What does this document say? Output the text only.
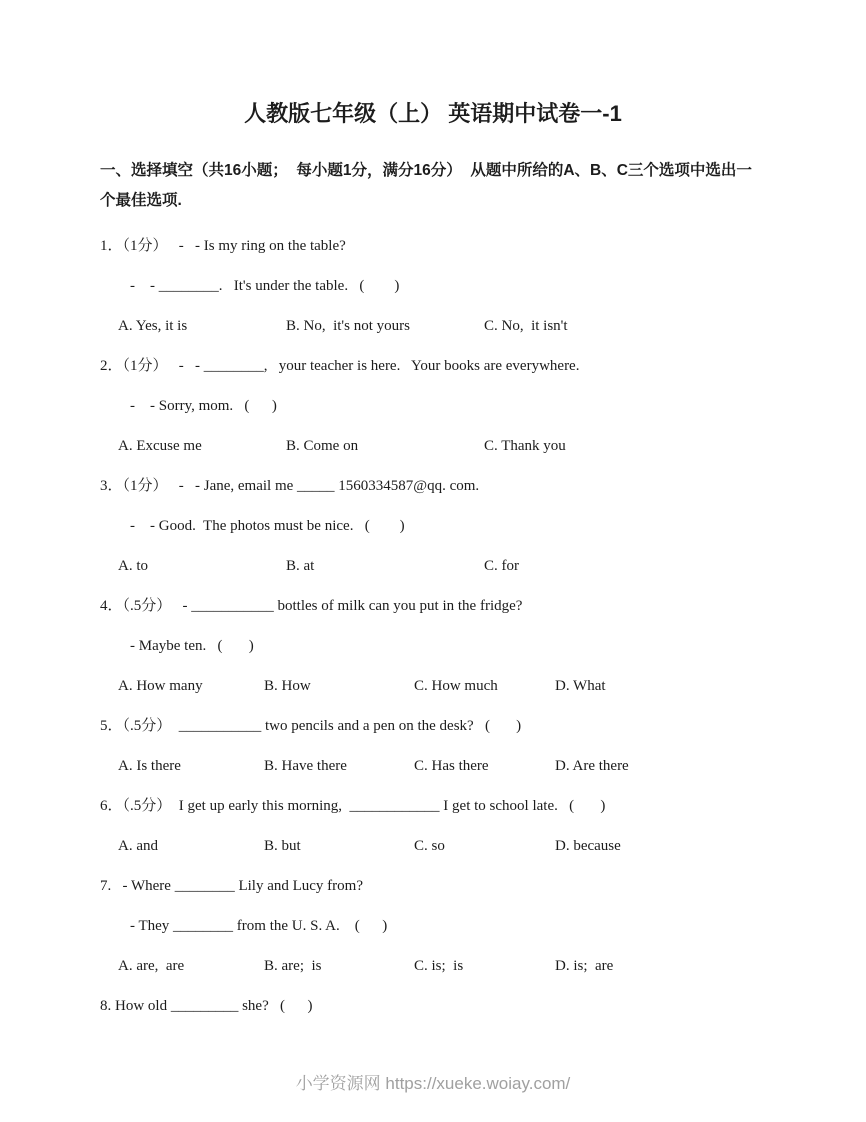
人教版七年级（上） 英语期中试卷一-1

一、选择填空（共16小题；  每小题1分，满分16分）  从题中所给的A、B、C三个选项中选出一个最佳选项.

1．（1分）   -   - Is my ring on the table?
-    - ________.   It's under the table.   (        )
A. Yes, it is	B. No,  it's not yours	C. No,  it isn't
2．（1分）   -   - ________,   your teacher is here.   Your books are everywhere.
-    - Sorry, mom.   (      )
A. Excuse me	B. Come on	C. Thank you
3．（1分）   -   - Jane, email me _____ 1560334587@qq. com.
-    - Good.  The photos must be nice.   (        )
A. to	B. at	C. for
4．（.5分）   - ___________ bottles of milk can you put in the fridge?
- Maybe ten.   (       )
A. How many	B. How	C. How much	D. What
5．（.5分）  ___________ two pencils and a pen on the desk?   (       )
A. Is there	B. Have there	C. Has there	D. Are there
6．（.5分）  I get up early this morning,  ____________ I get to school late.   (       )
A. and	B. but	C. so	D. because
7.   - Where ________ Lily and Lucy from?
- They ________ from the U. S. A.    (      )
A. are,  are	B. are;  is	C. is;  is	D. is;  are
8. How old _________ she?   (      )
小学资源网 https://xueke.woiay.com/
